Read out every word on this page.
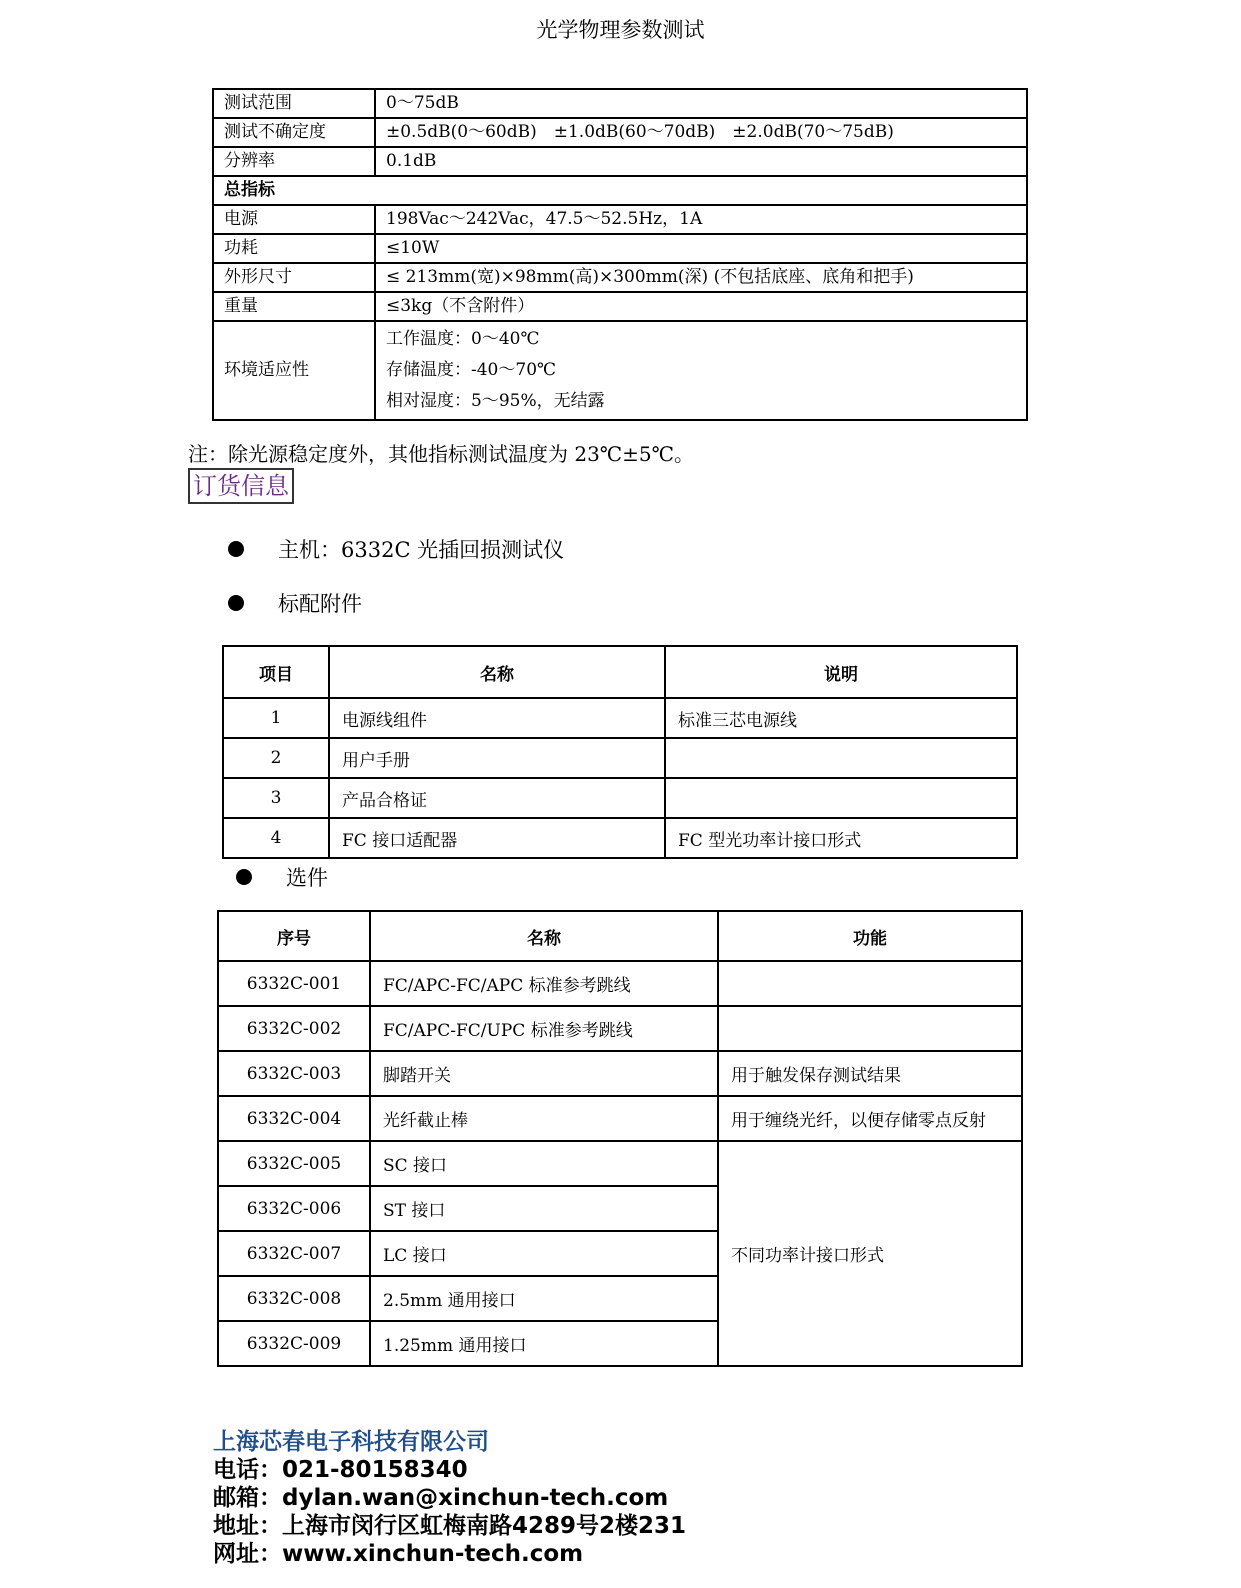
光学物理参数测试
测试范围	0～75dB
测试不确定度	±0.5dB(0～60dB)　±1.0dB(60～70dB)　±2.0dB(70～75dB)
分辨率	0.1dB
总指标	
电源	198Vac～242Vac，47.5～52.5Hz，1A
功耗	≤10W
外形尺寸	≤ 213mm(宽)×98mm(高)×300mm(深) (不包括底座、底角和把手)
重量	≤3kg（不含附件）
环境适应性	工作温度：0～40℃
存储温度：-40～70℃
相对湿度：5～95%，无结露
注：除光源稳定度外，其他指标测试温度为 23℃±5℃。
订货信息
主机：6332C 光插回损测试仪
标配附件
项目	名称	说明
1	电源线组件	标准三芯电源线
2	用户手册	
3	产品合格证	
4	FC 接口适配器	FC 型光功率计接口形式
选件
序号	名称	功能
6332C-001	FC/APC-FC/APC 标准参考跳线	
6332C-002	FC/APC-FC/UPC 标准参考跳线	
6332C-003	脚踏开关	用于触发保存测试结果
6332C-004	光纤截止棒	用于缠绕光纤，以便存储零点反射
6332C-005	SC 接口	不同功率计接口形式
6332C-006	ST 接口	
6332C-007	LC 接口	
6332C-008	2.5mm 通用接口	
6332C-009	1.25mm 通用接口	
上海芯春电子科技有限公司
电话：021-80158340
邮箱：dylan.wan@xinchun-tech.com
地址：上海市闵行区虹梅南路4289号2楼231
网址：www.xinchun-tech.com
